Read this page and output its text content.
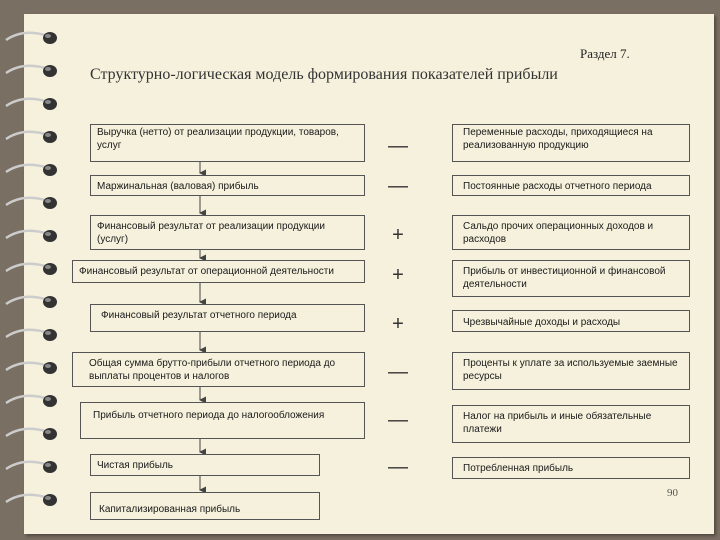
Раздел 7.
Структурно-логическая модель формирования показателей прибыли
Выручка (нетто) от реализации продукции, товаров, услуг
Маржинальная (валовая) прибыль
Финансовый результат от реализации продукции (услуг)
Финансовый результат от операционной деятельности
Финансовый результат отчетного периода
Общая сумма брутто-прибыли отчетного периода до выплаты процентов и налогов
Прибыль отчетного периода до налогообложения
Чистая прибыль
Капитализированная прибыль
—
—
+
+
+
—
—
—
Переменные расходы, приходящиеся на реализованную продукцию
Постоянные расходы отчетного периода
Сальдо прочих операционных доходов и расходов
Прибыль от инвестиционной и финансовой деятельности
Чрезвычайные доходы и расходы
Проценты к уплате за используемые заемные ресурсы
Налог на прибыль и иные обязательные платежи
Потребленная прибыль
90
